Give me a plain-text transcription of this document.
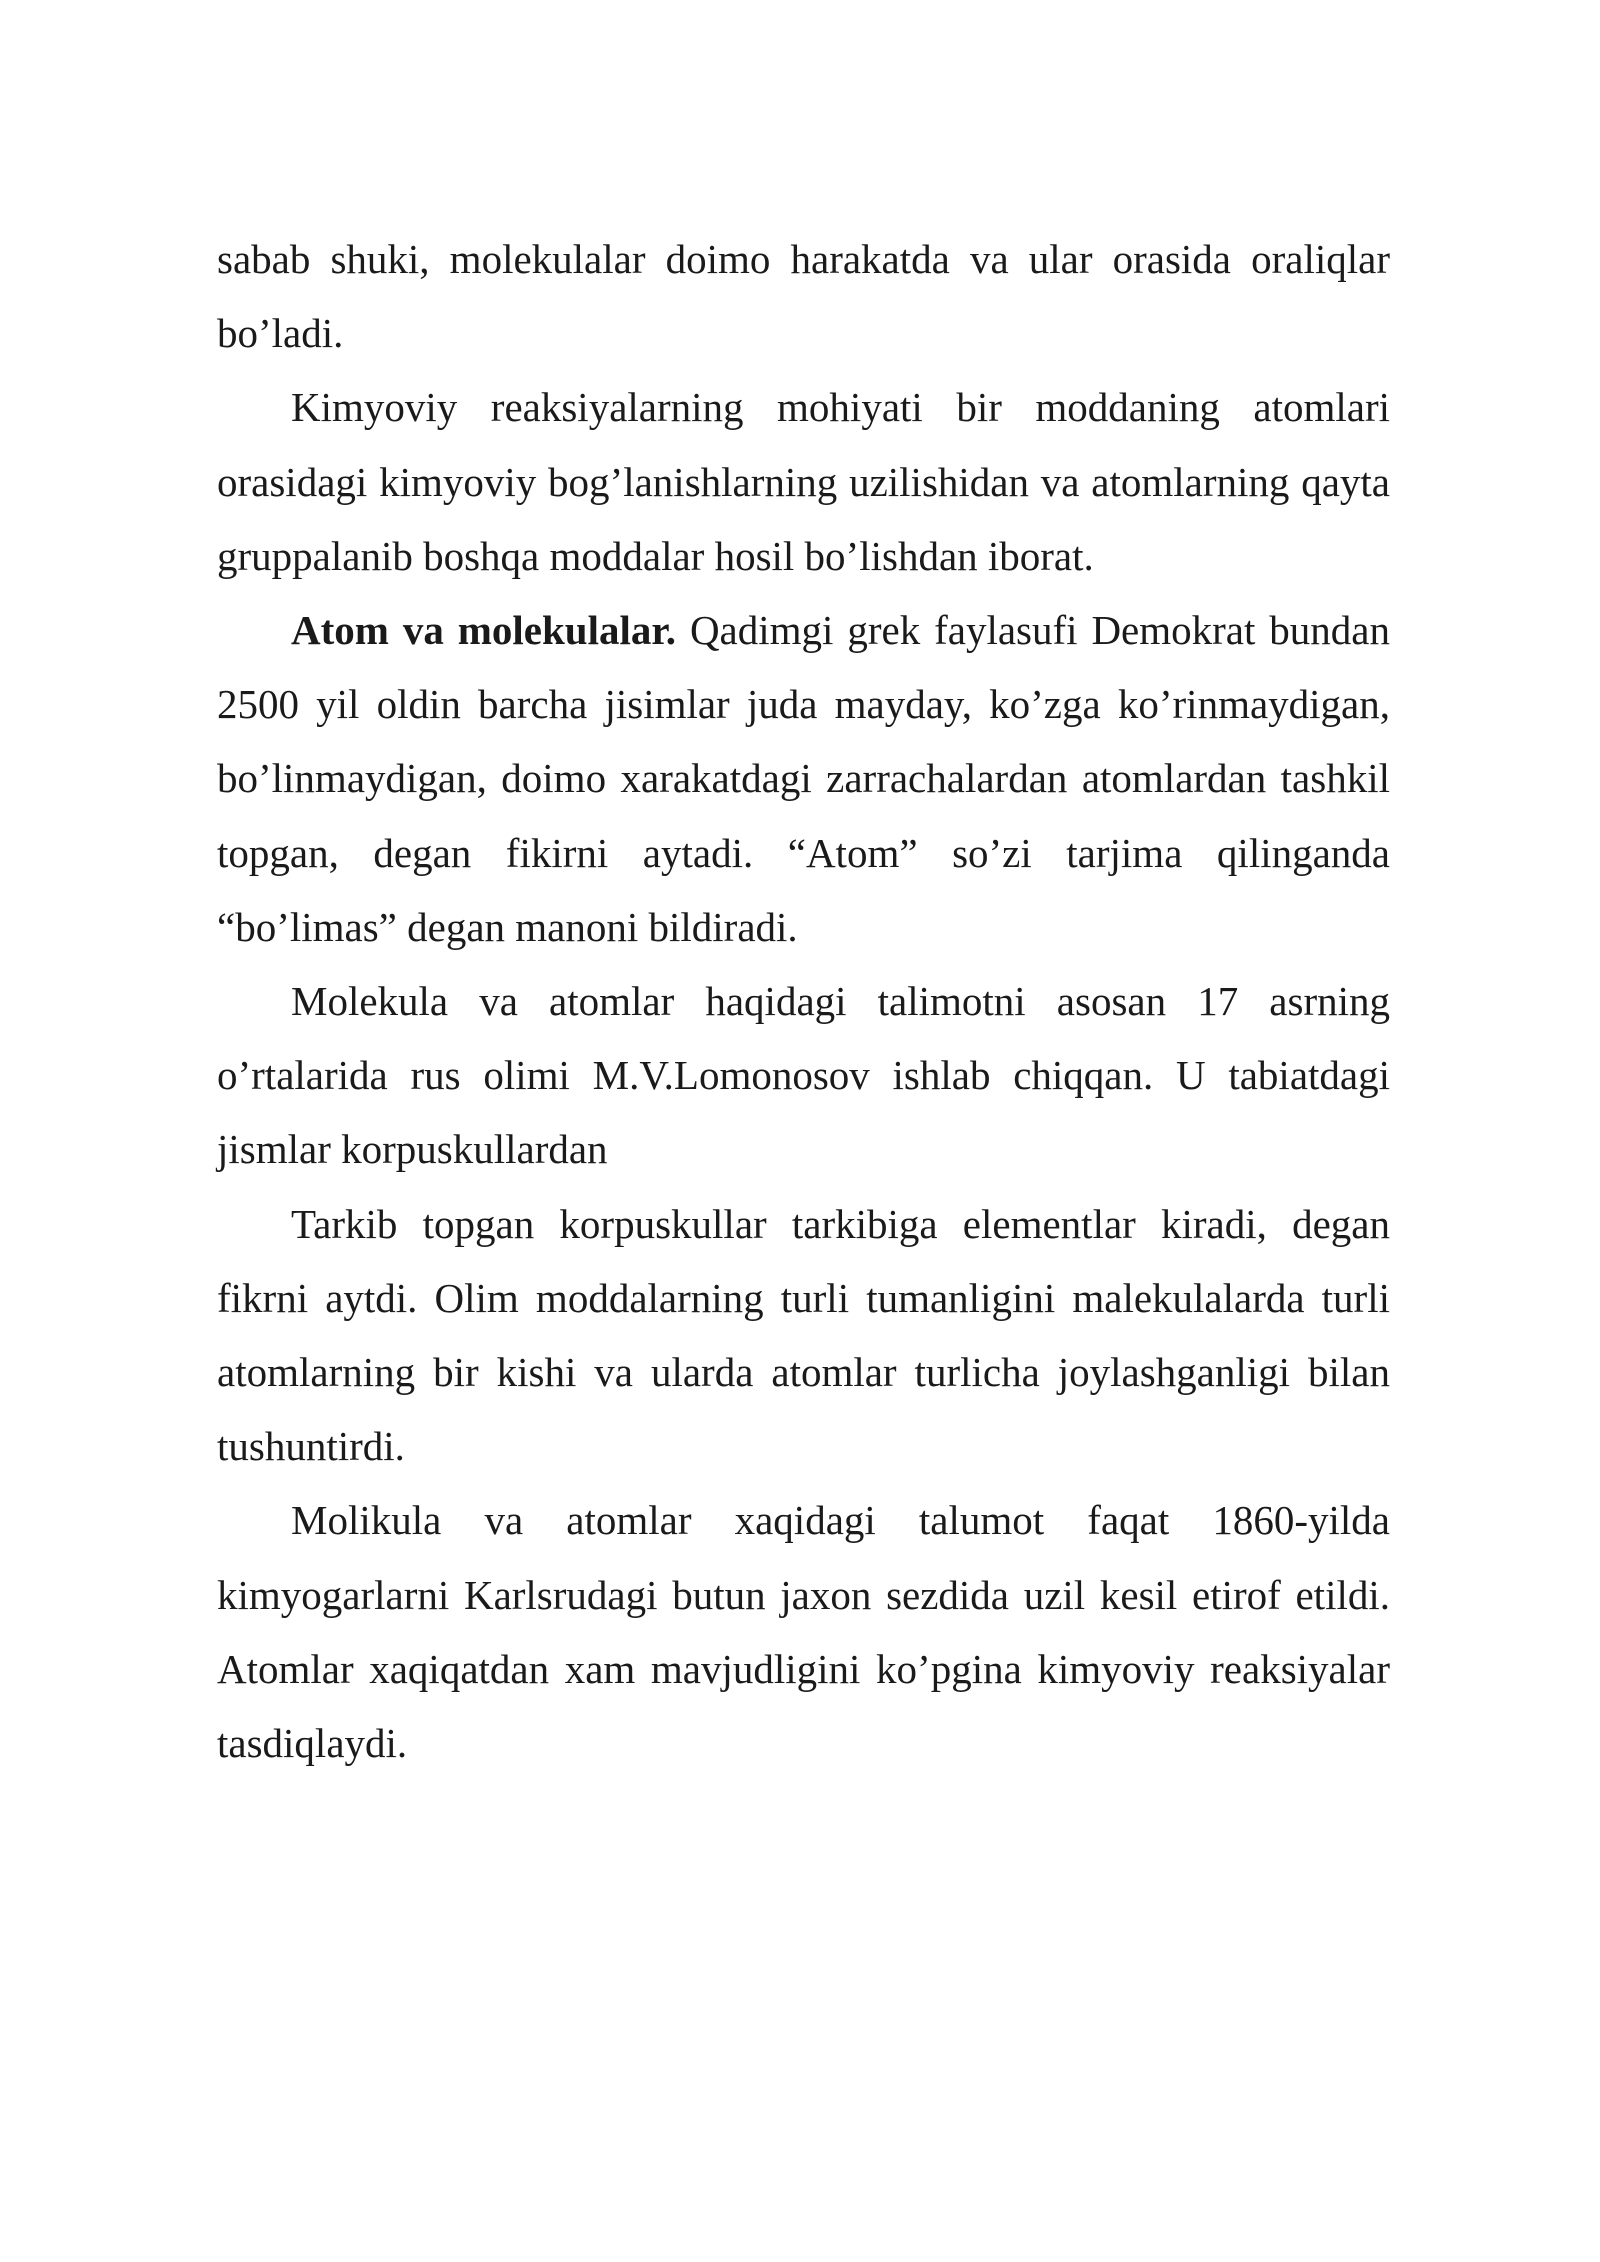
sabab shuki, molekulalar doimo harakatda va ular orasida oraliqlar bo’ladi.

Kimyoviy reaksiyalarning mohiyati bir moddaning atomlari orasidagi kimyoviy bog’lanishlarning uzilishidan va atomlarning qayta gruppalanib boshqa moddalar hosil bo’lishdan iborat.

Atom va molekulalar. Qadimgi grek faylasufi Demokrat bundan 2500 yil oldin barcha jisimlar juda mayday, ko’zga ko’rinmaydigan, bo’linmaydigan, doimo xarakatdagi zarrachalardan atomlardan tashkil topgan, degan fikirni aytadi. “Atom” so’zi tarjima qilinganda “bo’limas” degan manoni bildiradi.

Molekula va atomlar haqidagi talimotni asosan 17 asrning o’rtalarida rus olimi M.V.Lomonosov ishlab chiqqan. U tabiatdagi jismlar korpuskullardan

Tarkib topgan korpuskullar tarkibiga elementlar kiradi, degan fikrni aytdi. Olim moddalarning turli tumanligini malekulalarda turli atomlarning bir kishi va ularda atomlar turlicha joylashganligi bilan tushuntirdi.

Molikula va atomlar xaqidagi talumot faqat 1860-yilda kimyogarlarni Karlsrudagi butun jaxon sezdida uzil kesil etirof etildi. Atomlar xaqiqatdan xam mavjudligini ko’pgina kimyoviy reaksiyalar tasdiqlaydi.
